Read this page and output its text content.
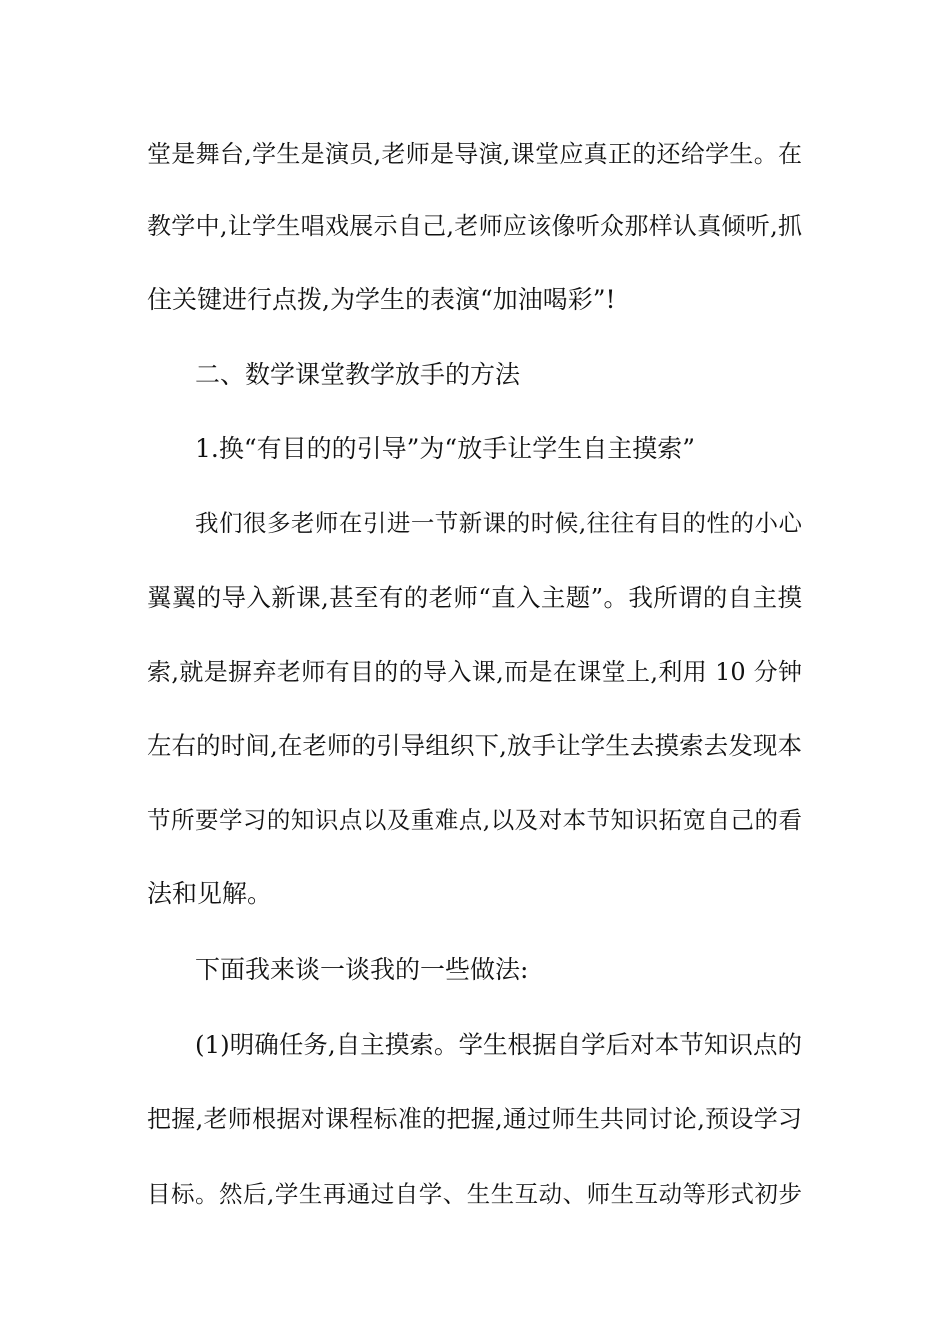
堂是舞台,学生是演员,老师是导演,课堂应真正的还给学生。在
教学中,让学生唱戏展示自己,老师应该像听众那样认真倾听,抓
住关键进行点拨,为学生的表演“加油喝彩”!
二、数学课堂教学放手的方法
1.换“有目的的引导”为“放手让学生自主摸索”
我们很多老师在引进一节新课的时候,往往有目的性的小心
翼翼的导入新课,甚至有的老师“直入主题”。我所谓的自主摸
索,就是摒弃老师有目的的导入课,而是在课堂上,利用 10 分钟
左右的时间,在老师的引导组织下,放手让学生去摸索去发现本
节所要学习的知识点以及重难点,以及对本节知识拓宽自己的看
法和见解。
下面我来谈一谈我的一些做法:
(1)明确任务,自主摸索。学生根据自学后对本节知识点的
把握,老师根据对课程标准的把握,通过师生共同讨论,预设学习
目标。然后,学生再通过自学、生生互动、师生互动等形式初步
